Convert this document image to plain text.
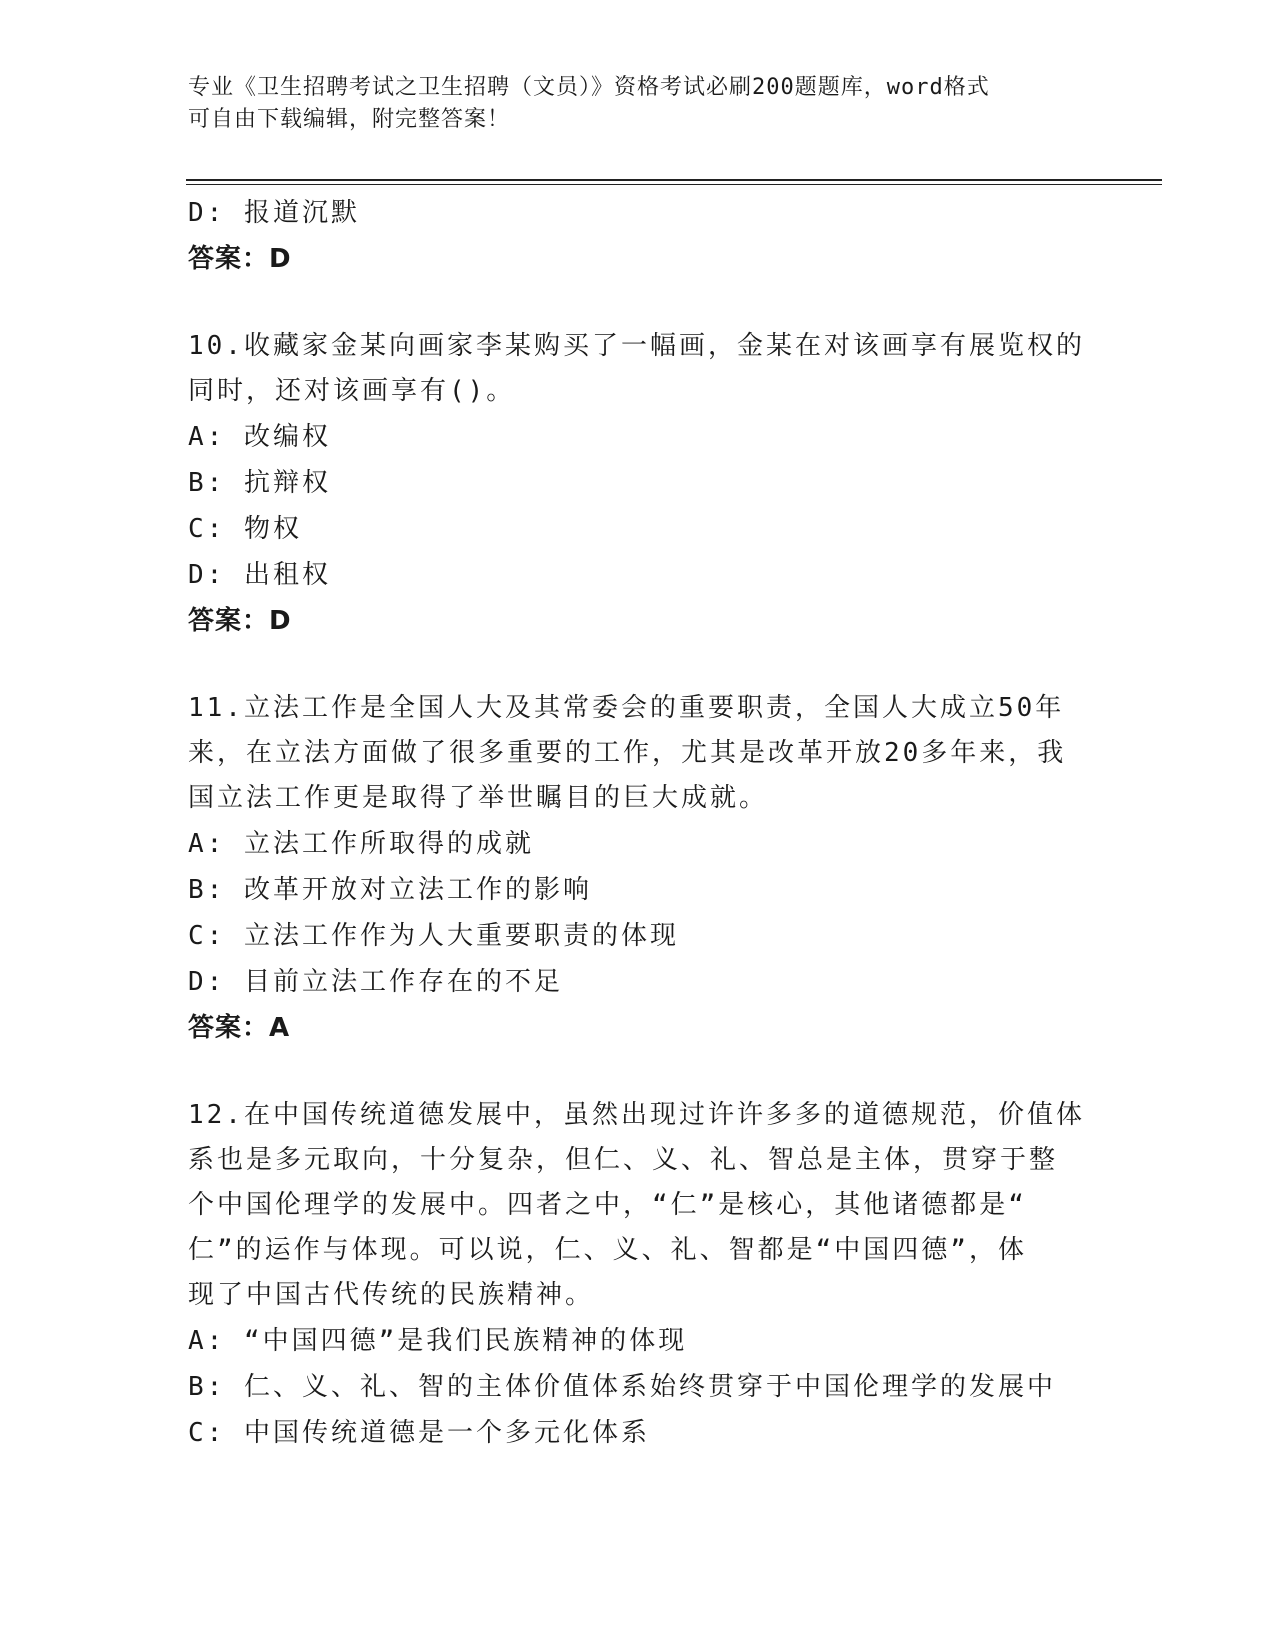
专业《卫生招聘考试之卫生招聘（文员）》资格考试必刷200题题库，word格式
可自由下载编辑，附完整答案！
D: 报道沉默
答案：D
10.收藏家金某向画家李某购买了一幅画，金某在对该画享有展览权的
同时，还对该画享有()。
A: 改编权
B: 抗辩权
C: 物权
D: 出租权
答案：D
11.立法工作是全国人大及其常委会的重要职责，全国人大成立50年
来，在立法方面做了很多重要的工作，尤其是改革开放20多年来，我
国立法工作更是取得了举世瞩目的巨大成就。
A: 立法工作所取得的成就
B: 改革开放对立法工作的影响
C: 立法工作作为人大重要职责的体现
D: 目前立法工作存在的不足
答案：A
12.在中国传统道德发展中，虽然出现过许许多多的道德规范，价值体
系也是多元取向，十分复杂，但仁、义、礼、智总是主体，贯穿于整
个中国伦理学的发展中。四者之中，“仁”是核心，其他诸德都是“
仁”的运作与体现。可以说，仁、义、礼、智都是“中国四德”，体
现了中国古代传统的民族精神。
A: “中国四德”是我们民族精神的体现
B: 仁、义、礼、智的主体价值体系始终贯穿于中国伦理学的发展中
C: 中国传统道德是一个多元化体系
